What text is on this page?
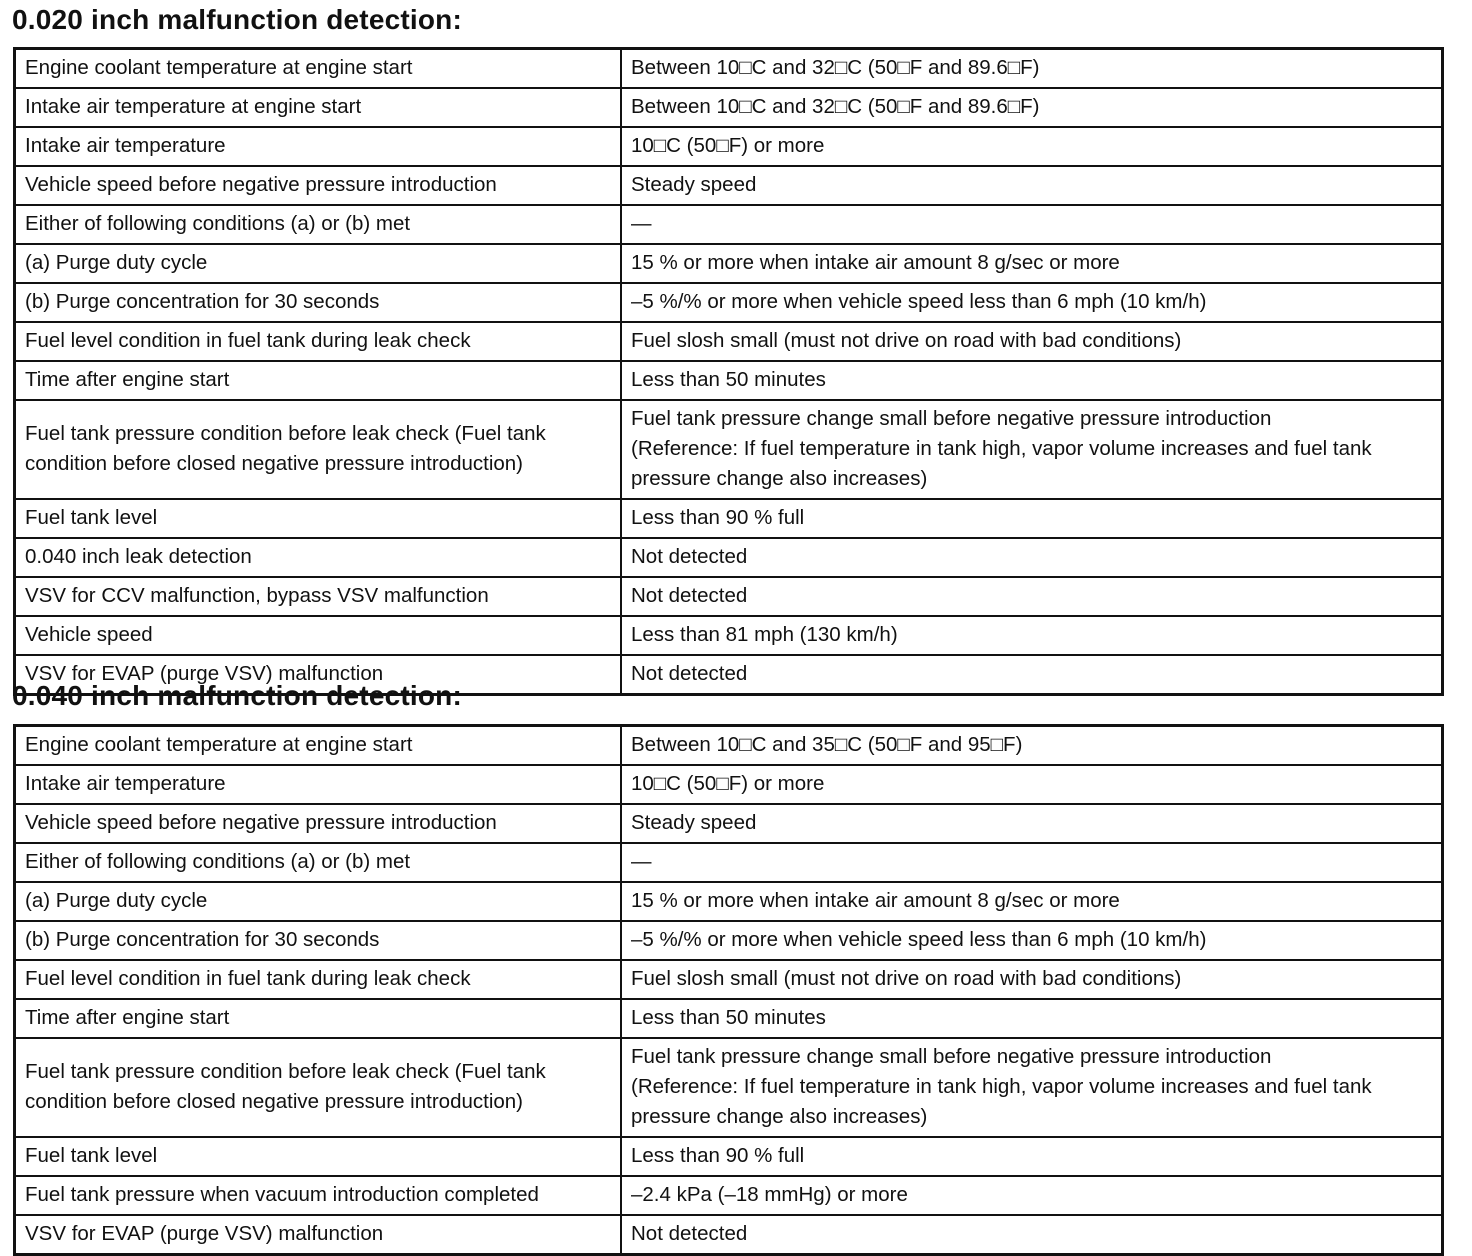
0.020 inch malfunction detection:
Engine coolant temperature at engine start	Between 10□C and 32□C (50□F and 89.6□F)

Intake air temperature at engine start	Between 10□C and 32□C (50□F and 89.6□F)

Intake air temperature	10□C (50□F) or more

Vehicle speed before negative pressure introduction	Steady speed

Either of following conditions (a) or (b) met	—

(a) Purge duty cycle	15 % or more when intake air amount 8 g/sec or more

(b) Purge concentration for 30 seconds	–5 %/% or more when vehicle speed less than 6 mph (10 km/h)

Fuel level condition in fuel tank during leak check	Fuel slosh small (must not drive on road with bad conditions)

Time after engine start	Less than 50 minutes

Fuel tank pressure condition before leak check (Fuel tank condition before closed negative pressure introduction)	Fuel tank pressure change small before negative pressure introduction
(Reference: If fuel temperature in tank high, vapor volume increases and fuel tank pressure change also increases)

Fuel tank level	Less than 90 % full

0.040 inch leak detection	Not detected

VSV for CCV malfunction, bypass VSV malfunction	Not detected

Vehicle speed	Less than 81 mph (130 km/h)

VSV for EVAP (purge VSV) malfunction	Not detected
0.040 inch malfunction detection:
Engine coolant temperature at engine start	Between 10□C and 35□C (50□F and 95□F)

Intake air temperature	10□C (50□F) or more

Vehicle speed before negative pressure introduction	Steady speed

Either of following conditions (a) or (b) met	—

(a) Purge duty cycle	15 % or more when intake air amount 8 g/sec or more

(b) Purge concentration for 30 seconds	–5 %/% or more when vehicle speed less than 6 mph (10 km/h)

Fuel level condition in fuel tank during leak check	Fuel slosh small (must not drive on road with bad conditions)

Time after engine start	Less than 50 minutes

Fuel tank pressure condition before leak check (Fuel tank condition before closed negative pressure introduction)	Fuel tank pressure change small before negative pressure introduction
(Reference: If fuel temperature in tank high, vapor volume increases and fuel tank pressure change also increases)

Fuel tank level	Less than 90 % full

Fuel tank pressure when vacuum introduction completed	–2.4 kPa (–18 mmHg) or more

VSV for EVAP (purge VSV) malfunction	Not detected
